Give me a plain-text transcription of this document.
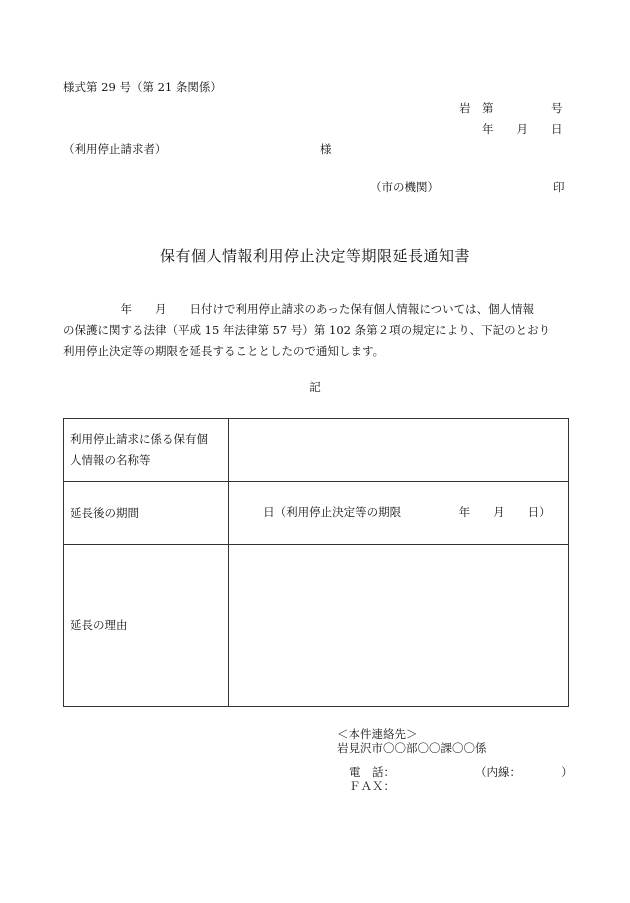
様式第 29 号（第 21 条関係）
岩　第　　　　　号
年　　月　　日
（利用停止請求者）	様
（市の機関）	印
保有個人情報利用停止決定等期限延長通知書
　　　　　年　　月　　日付けで利用停止請求のあった保有個人情報については、個人情報
の保護に関する法律（平成 15 年法律第 57 号）第 102 条第２項の規定により、下記のとおり
利用停止決定等の期限を延長することとしたので通知します。
記
利用停止請求に係る保有個
人情報の名称等	

延長後の期間	日（利用停止決定等の期限　　　　　年　　月　　日）
延長の理由	
＜本件連絡先＞
岩見沢市〇〇部〇〇課〇〇係
電　話：	（内線：　　　　）
ＦＡＸ：
